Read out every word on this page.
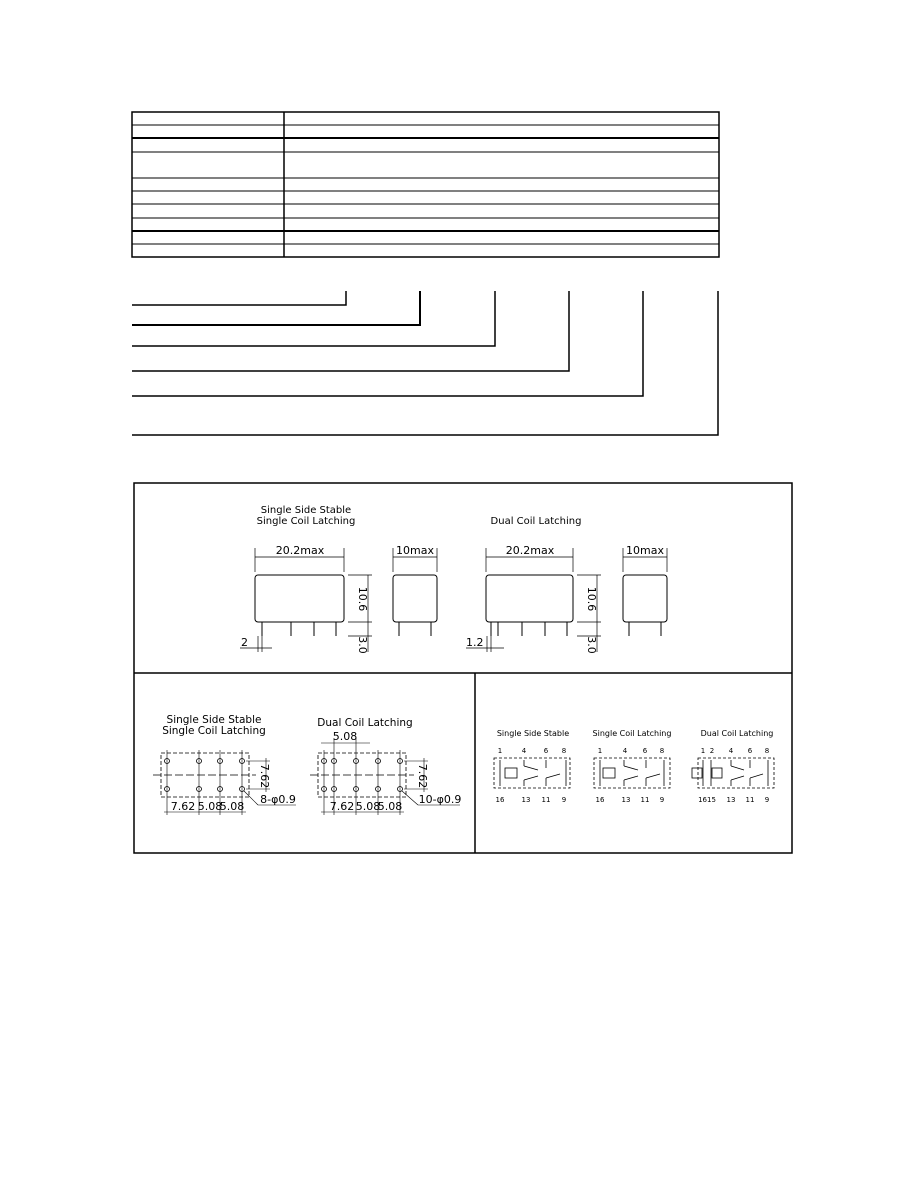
Single Side Stable
Single Coil Latching	Dual Coil Latching
20.2max
10.6
3.0
2
10max	20.2max
10.6
3.0
1.2
10max
Single Side Stable
Single Coil Latching
Dual Coil Latching
7.62
7.62 5.08
5.08
8-φ0.9
5.08
7.62
7.62 5.08
5.08
10-φ0.9
Single Side Stable	Single Coil Latching	Dual Coil Latching
1	4	6 8
16 13 11 9
1	4 6 8
16 13 11 9
1 2 4 6 8
1615 13 11 9
